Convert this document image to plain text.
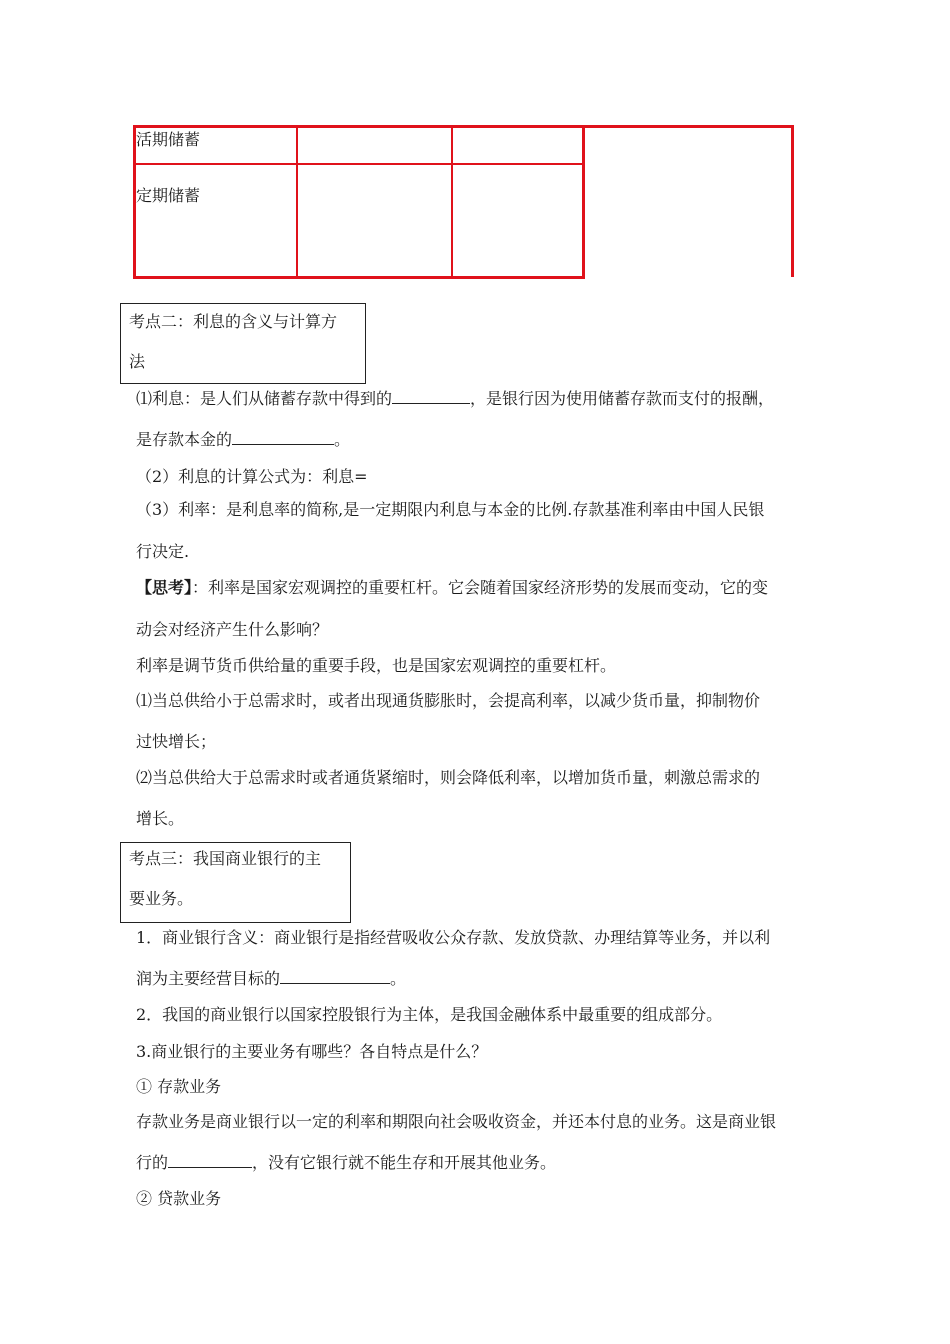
活期储蓄
定期储蓄
考点二：利息的含义与计算方
法
⑴利息：是人们从储蓄存款中得到的	，是银行因为使用储蓄存款而支付的报酬，
是存款本金的	。
（2）利息的计算公式为：利息=
（3）利率：是利息率的简称,是一定期限内利息与本金的比例.存款基准利率由中国人民银
行决定.
【思考】：利率是国家宏观调控的重要杠杆。它会随着国家经济形势的发展而变动，它的变
动会对经济产生什么影响？
利率是调节货币供给量的重要手段，也是国家宏观调控的重要杠杆。
⑴当总供给小于总需求时，或者出现通货膨胀时，会提高利率，以减少货币量，抑制物价
过快增长；
⑵当总供给大于总需求时或者通货紧缩时，则会降低利率，以增加货币量，刺激总需求的
增长。
考点三：我国商业银行的主
要业务。
1．商业银行含义：商业银行是指经营吸收公众存款、发放贷款、办理结算等业务，并以利
润为主要经营目标的	。
2．我国的商业银行以国家控股银行为主体，是我国金融体系中最重要的组成部分。
3.商业银行的主要业务有哪些？各自特点是什么？
① 存款业务
存款业务是商业银行以一定的利率和期限向社会吸收资金，并还本付息的业务。这是商业银
行的	，没有它银行就不能生存和开展其他业务。
② 贷款业务
